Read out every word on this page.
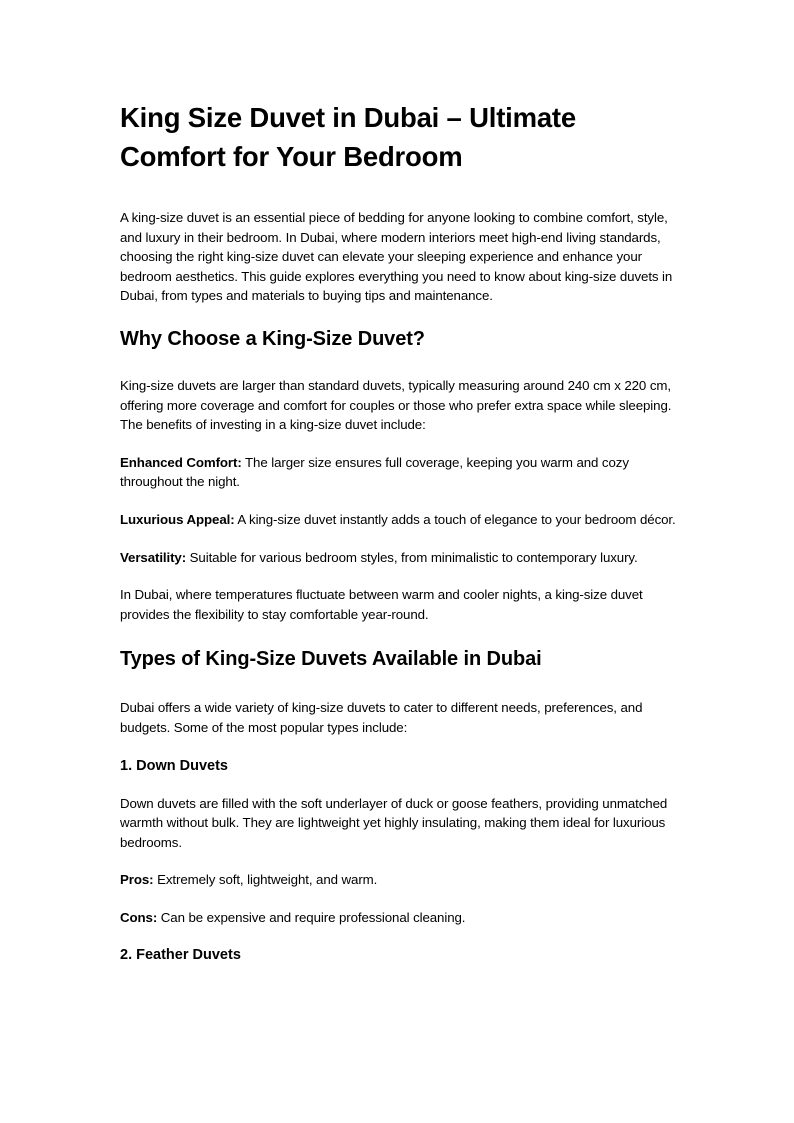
King Size Duvet in Dubai – Ultimate Comfort for Your Bedroom

A king-size duvet is an essential piece of bedding for anyone looking to combine comfort, style, and luxury in their bedroom. In Dubai, where modern interiors meet high-end living standards, choosing the right king-size duvet can elevate your sleeping experience and enhance your bedroom aesthetics. This guide explores everything you need to know about king-size duvets in Dubai, from types and materials to buying tips and maintenance.

Why Choose a King-Size Duvet?

King-size duvets are larger than standard duvets, typically measuring around 240 cm x 220 cm, offering more coverage and comfort for couples or those who prefer extra space while sleeping. The benefits of investing in a king-size duvet include:

Enhanced Comfort: The larger size ensures full coverage, keeping you warm and cozy throughout the night.

Luxurious Appeal: A king-size duvet instantly adds a touch of elegance to your bedroom décor.

Versatility: Suitable for various bedroom styles, from minimalistic to contemporary luxury.

In Dubai, where temperatures fluctuate between warm and cooler nights, a king-size duvet provides the flexibility to stay comfortable year-round.

Types of King-Size Duvets Available in Dubai

Dubai offers a wide variety of king-size duvets to cater to different needs, preferences, and budgets. Some of the most popular types include:

1. Down Duvets

Down duvets are filled with the soft underlayer of duck or goose feathers, providing unmatched warmth without bulk. They are lightweight yet highly insulating, making them ideal for luxurious bedrooms.

Pros: Extremely soft, lightweight, and warm.

Cons: Can be expensive and require professional cleaning.

2. Feather Duvets
